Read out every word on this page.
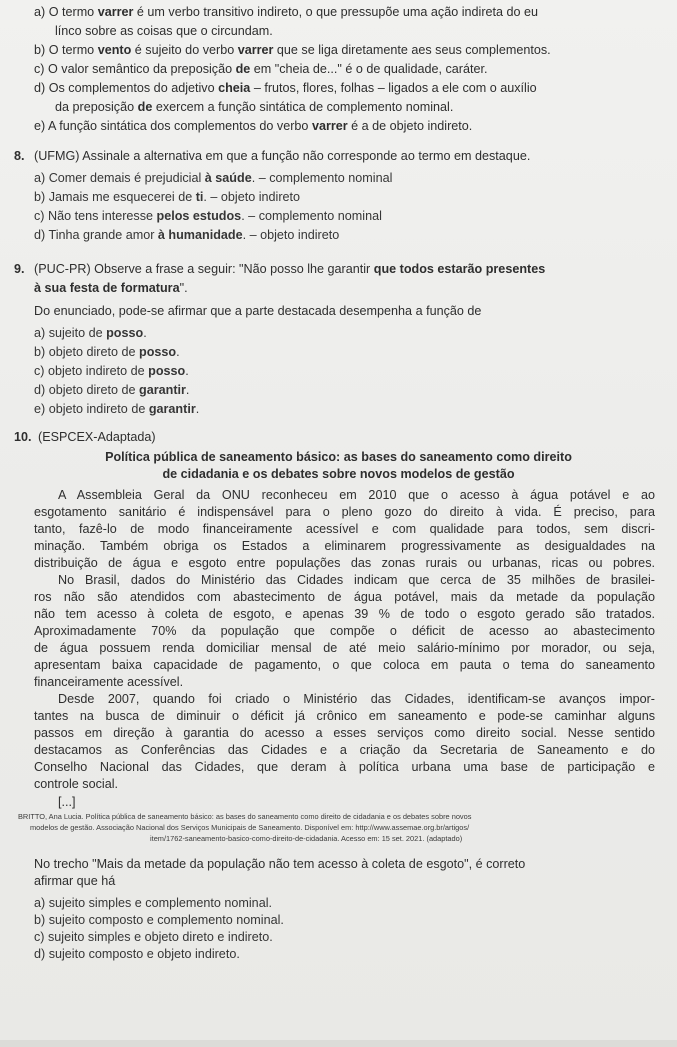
a) O termo varrer é um verbo transitivo indireto, o que pressupõe uma ação indireta do eu
línco sobre as coisas que o circundam.
b) O termo vento é sujeito do verbo varrer que se liga diretamente aes seus complementos.
c) O valor semântico da preposição de em "cheia de..." é o de qualidade, caráter.
d) Os complementos do adjetivo cheia – frutos, flores, folhas – ligados a ele com o auxílio
da preposição de exercem a função sintática de complemento nominal.
e) A função sintática dos complementos do verbo varrer é a de objeto indireto.
8. (UFMG) Assinale a alternativa em que a função não corresponde ao termo em destaque.
a) Comer demais é prejudicial à saúde. – complemento nominal
b) Jamais me esquecerei de ti. – objeto indireto
c) Não tens interesse pelos estudos. – complemento nominal
d) Tinha grande amor à humanidade. – objeto indireto
9. (PUC-PR) Observe a frase a seguir: "Não posso lhe garantir que todos estarão presentes
à sua festa de formatura".
Do enunciado, pode-se afirmar que a parte destacada desempenha a função de
a) sujeito de posso.
b) objeto direto de posso.
c) objeto indireto de posso.
d) objeto direto de garantir.
e) objeto indireto de garantir.
10. (ESPCEX-Adaptada)
Política pública de saneamento básico: as bases do saneamento como direito
de cidadania e os debates sobre novos modelos de gestão
A Assembleia Geral da ONU reconheceu em 2010 que o acesso à água potável e ao
esgotamento sanitário é indispensável para o pleno gozo do direito à vida. É preciso, para
tanto, fazê-lo de modo financeiramente acessível e com qualidade para todos, sem discri-
minação. Também obriga os Estados a eliminarem progressivamente as desigualdades na
distribuição de água e esgoto entre populações das zonas rurais ou urbanas, ricas ou pobres.
No Brasil, dados do Ministério das Cidades indicam que cerca de 35 milhões de brasilei-
ros não são atendidos com abastecimento de água potável, mais da metade da população
não tem acesso à coleta de esgoto, e apenas 39 % de todo o esgoto gerado são tratados.
Aproximadamente 70% da população que compõe o déficit de acesso ao abastecimento
de água possuem renda domiciliar mensal de até meio salário-mínimo por morador, ou seja,
apresentam baixa capacidade de pagamento, o que coloca em pauta o tema do saneamento
financeiramente acessível.
Desde 2007, quando foi criado o Ministério das Cidades, identificam-se avanços impor-
tantes na busca de diminuir o déficit já crônico em saneamento e pode-se caminhar alguns
passos em direção à garantia do acesso a esses serviços como direito social. Nesse sentido
destacamos as Conferências das Cidades e a criação da Secretaria de Saneamento e do
Conselho Nacional das Cidades, que deram à política urbana uma base de participação e
controle social.
[...]
BRITTO, Ana Lucia. Política pública de saneamento básico: as bases do saneamento como direito de cidadania e os debates sobre novos
modelos de gestão. Associação Nacional dos Serviços Municipais de Saneamento. Disponível em: http://www.assemae.org.br/artigos/
item/1762-saneamento-basico-como-direito-de-cidadania. Acesso em: 15 set. 2021. (adaptado)
No trecho "Mais da metade da população não tem acesso à coleta de esgoto", é correto
afirmar que há
a) sujeito simples e complemento nominal.
b) sujeito composto e complemento nominal.
c) sujeito simples e objeto direto e indireto.
d) sujeito composto e objeto indireto.
